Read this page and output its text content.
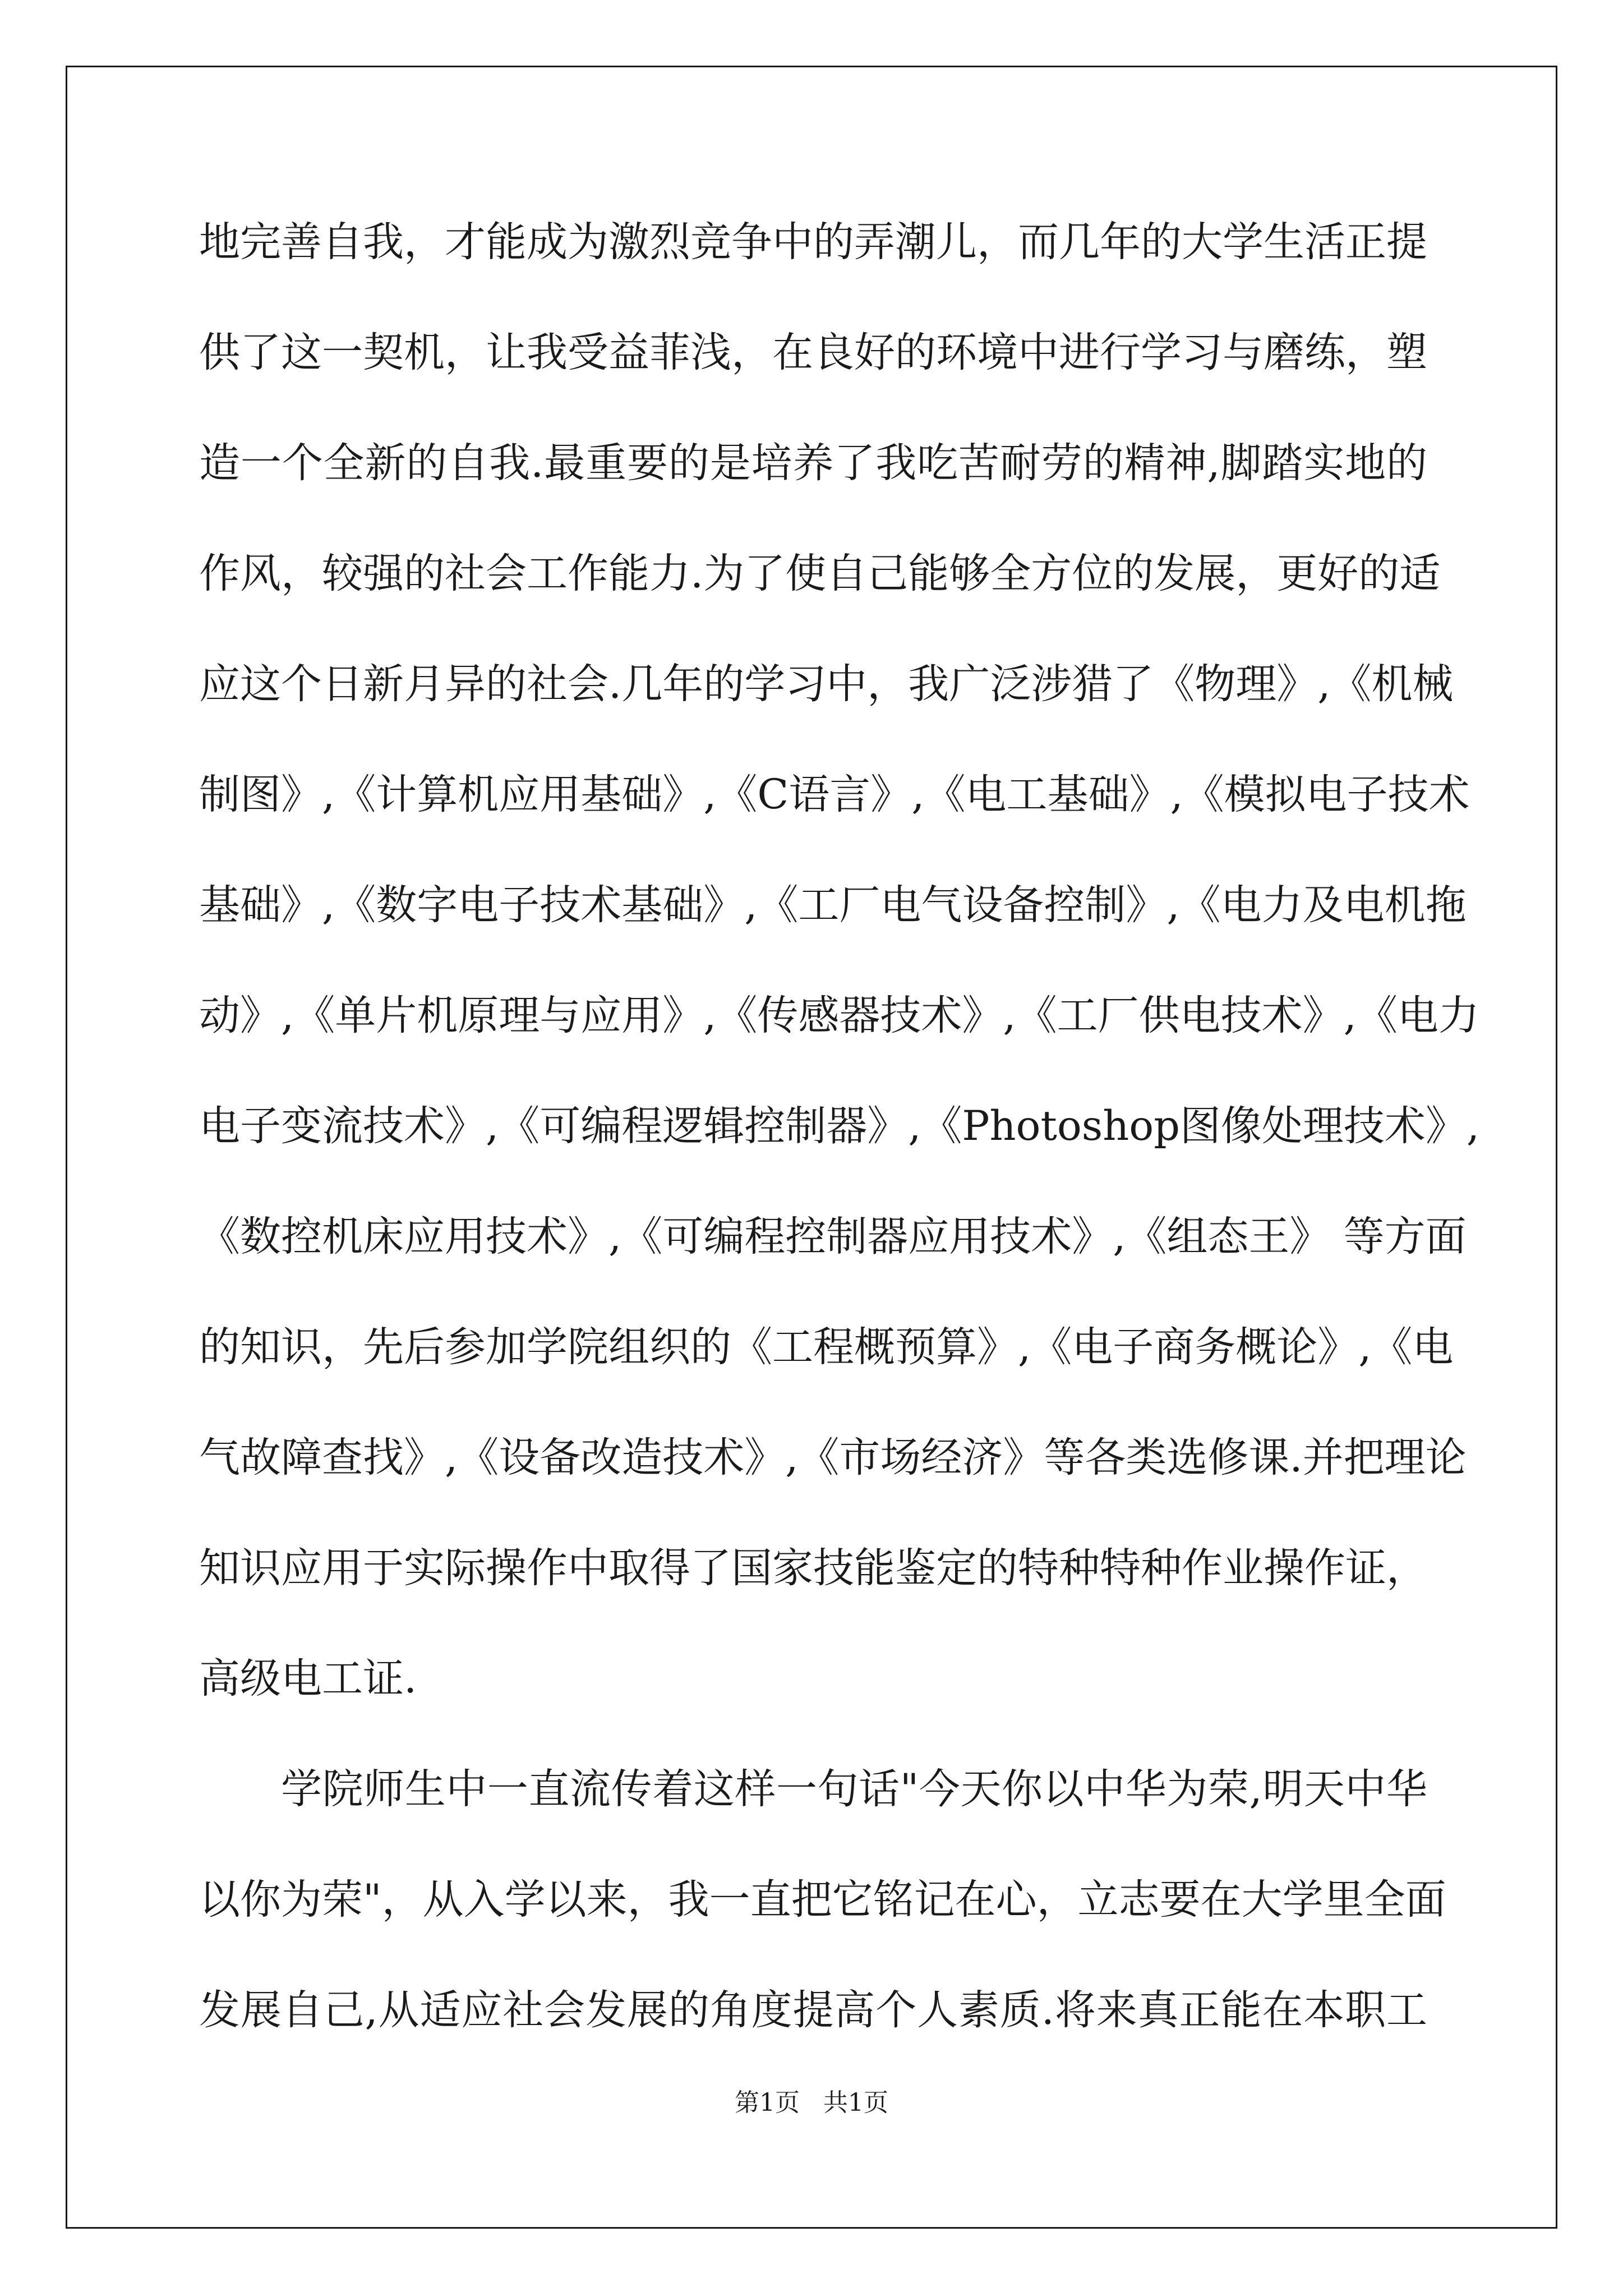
地完善自我，才能成为激烈竞争中的弄潮儿，而几年的大学生活正提
供了这一契机，让我受益菲浅，在良好的环境中进行学习与磨练，塑
造一个全新的自我.最重要的是培养了我吃苦耐劳的精神,脚踏实地的
作风，较强的社会工作能力.为了使自己能够全方位的发展，更好的适
应这个日新月异的社会.几年的学习中，我广泛涉猎了《物理》,《机械
制图》,《计算机应用基础》,《C语言》,《电工基础》,《模拟电子技术
基础》,《数字电子技术基础》,《工厂电气设备控制》,《电力及电机拖
动》,《单片机原理与应用》,《传感器技术》,《工厂供电技术》,《电力
电子变流技术》,《可编程逻辑控制器》,《Photoshop图像处理技术》,
《数控机床应用技术》,《可编程控制器应用技术》,《组态王》 等方面
的知识，先后参加学院组织的《工程概预算》,《电子商务概论》,《电
气故障查找》,《设备改造技术》,《市场经济》等各类选修课.并把理论
知识应用于实际操作中取得了国家技能鉴定的特种特种作业操作证，
高级电工证.
学院师生中一直流传着这样一句话"今天你以中华为荣,明天中华
以你为荣"，从入学以来，我一直把它铭记在心，立志要在大学里全面
发展自己,从适应社会发展的角度提高个人素质.将来真正能在本职工
第1页   共1页
